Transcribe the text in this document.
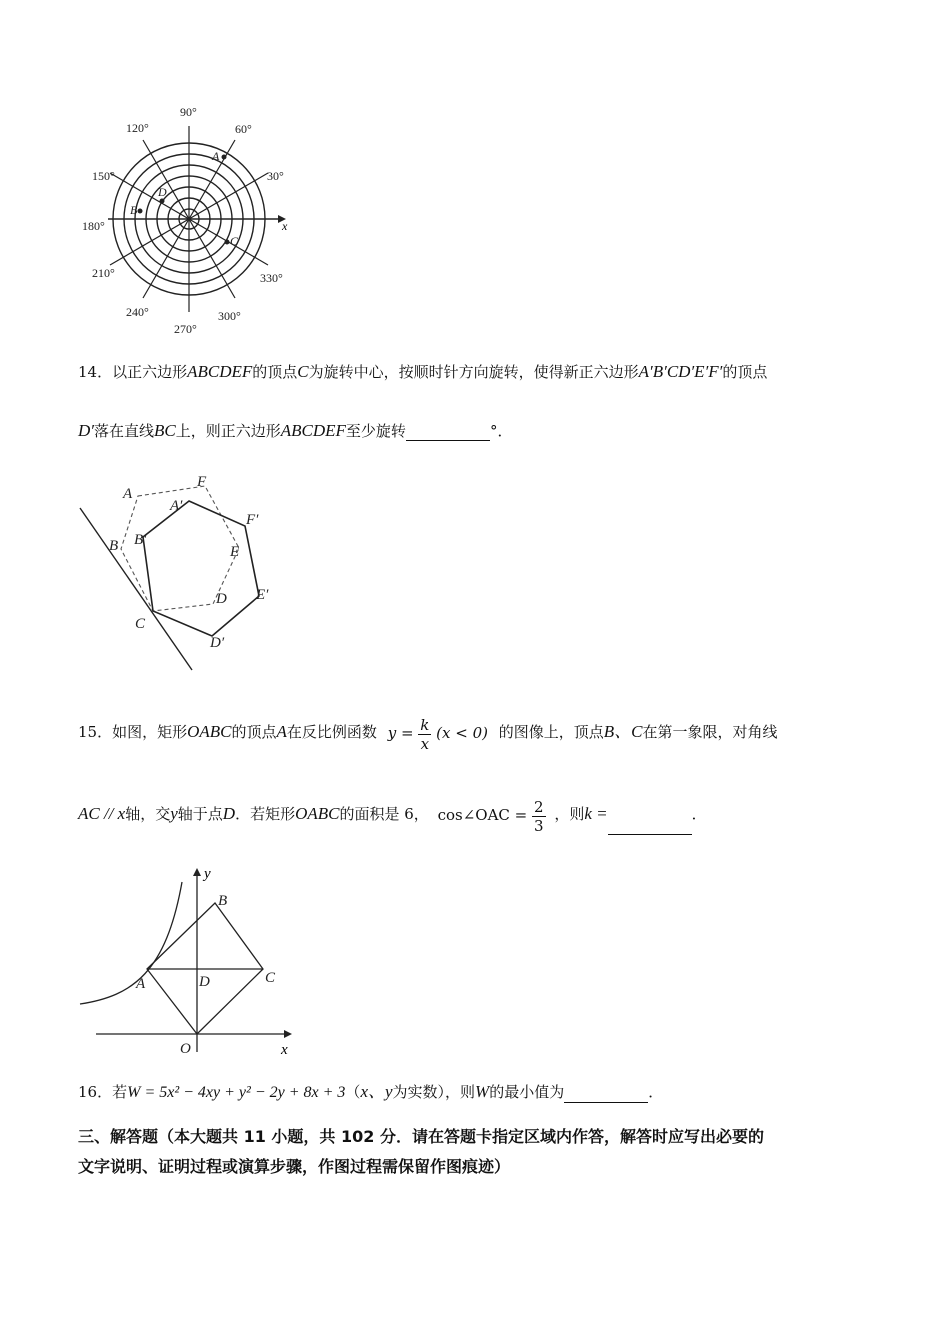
x
90°
60°
30°
330°
300°
270°
240°
210°
180°
150°
120°
A
B
C
D
14．以正六边形ABCDEF的顶点C为旋转中心，按顺时针方向旋转，使得新正六边形A′B′CD′E′F′的顶点
D′落在直线BC上，则正六边形ABCDEF至少旋转	°．
A
F
A′
F′
B B′
E
E′
D
C
D′
15．如图，矩形OABC的顶点A在反比例函数 $y = \frac{k}{x} (x < 0)$ 的图像上，顶点B、C在第一象限，对角线
AC // x轴，交y轴于点D．若矩形OABC的面积是 6， cos∠OAC = $\frac{2}{3}$ ，则k =	．
y
x
B
A	D	C
O
16．若W = 5x² − 4xy + y² − 2y + 8x + 3（x、y为实数），则W的最小值为	．
三、解答题（本大题共 11 小题，共 102 分．请在答题卡指定区域内作答，解答时应写出必要的
文字说明、证明过程或演算步骤，作图过程需保留作图痕迹）
